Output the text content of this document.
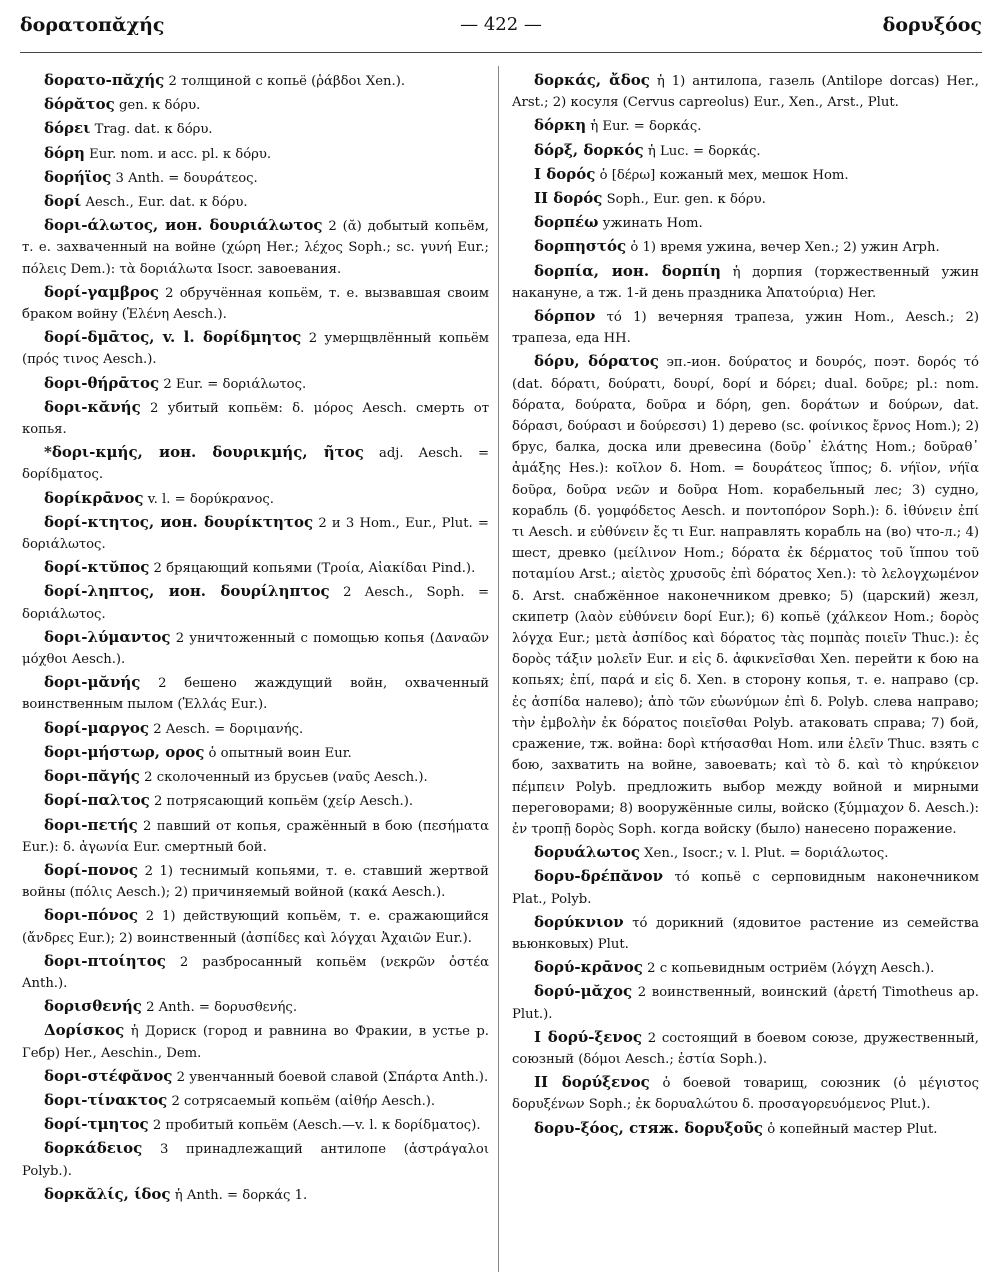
δορατοπᾰχής	— 422 —	δορυξόος

δορατο-πᾰχής 2 толщиной с копьё (ῥάβδοι Xen.).

δόρᾰτος gen. к δόρυ.

δόρει Trag. dat. к δόρυ.

δόρη Eur. nom. и acc. pl. к δόρυ.

δορήϊος 3 Anth. = δουράτεος.

δορί Aesch., Eur. dat. к δόρυ.

δορι-άλωτος, ион. δουριάλωτος 2 (ᾰ) добытый копьём, т. е. захваченный на войне (χώρη Her.; λέχος Soph.; sc. γυνή Eur.; πόλεις Dem.): τὰ δοριάλωτα Isocr. завоевания.

δορί-γαμβρος 2 обручённая копьём, т. е. вызвавшая своим браком войну (Ἑλένη Aesch.).

δορί-δμᾱτος, v. l. δορίδμητος 2 умерщвлённый копьём (πρός τινος Aesch.).

δορι-θήρᾱτος 2 Eur. = δοριάλωτος.

δορι-κᾰνής 2 убитый копьём: δ. μόρος Aesch. смерть от копья.

*δορι-κμής, ион. δουρικμής, ῆτος adj. Aesch. = δορίδματος.

δορίκρᾱνος v. l. = δορύκρανος.

δορί-κτητος, ион. δουρίκτητος 2 и 3 Hom., Eur., Plut. = δοριάλωτος.

δορί-κτῠπος 2 бряцающий копьями (Τροία, Αἰακίδαι Pind.).

δορί-ληπτος, ион. δουρίληπτος 2 Aesch., Soph. = δοριάλωτος.

δορι-λύμαντος 2 уничтоженный с помощью копья (Δαναῶν μόχθοι Aesch.).

δορι-μᾰνής 2 бешено жаждущий войн, охваченный воинственным пылом (Ἑλλάς Eur.).

δορί-μαργος 2 Aesch. = δοριμανής.

δορι-μήστωρ, ορος ὁ опытный воин Eur.

δορι-πᾰγής 2 сколоченный из брусьев (ναῦς Aesch.).

δορί-παλτος 2 потрясающий копьём (χείρ Aesch.).

δορι-πετής 2 павший от копья, сражённый в бою (πεσήματα Eur.): δ. ἀγωνία Eur. смертный бой.

δορί-πονος 2 1) теснимый копьями, т. е. ставший жертвой войны (πόλις Aesch.); 2) причиняемый войной (κακά Aesch.).

δορι-πόνος 2 1) действующий копьём, т. е. сражающийся (ἄνδρες Eur.); 2) воинственный (ἀσπίδες καὶ λόγχαι Ἀχαιῶν Eur.).

δορι-πτοίητος 2 разбросанный копьём (νεκρῶν ὀστέα Anth.).

δορισθενής 2 Anth. = δορυσθενής.

Δορίσκος ἡ Дориск (город и равнина во Фракии, в устье р. Гебр) Her., Aeschin., Dem.

δορι-στέφᾰνος 2 увенчанный боевой славой (Σπάρτα Anth.).

δορι-τίνακτος 2 сотрясаемый копьём (αἰθήρ Aesch.).

δορί-τμητος 2 пробитый копьём (Aesch.—v. l. к δορίδματος).

δορκάδειος 3 принадлежащий антилопе (ἀστράγαλοι Polyb.).

δορκᾰλίς, ίδος ἡ Anth. = δορκάς 1.

δορκάς, ἄδος ἡ 1) антилопа, газель (Antilope dorcas) Her., Arst.; 2) косуля (Cervus capreolus) Eur., Xen., Arst., Plut.

δόρκη ἡ Eur. = δορκάς.

δόρξ, δορκός ἡ Luc. = δορκάς.

I δορός ὁ [δέρω] кожаный мех, мешок Hom.

II δορός Soph., Eur. gen. к δόρυ.

δορπέω ужинать Hom.

δορπηστός ὁ 1) время ужина, вечер Xen.; 2) ужин Arph.

δορπία, ион. δορπίη ἡ дорпия (торжественный ужин накануне, а тж. 1-й день праздника Ἀπατούρια) Her.

δόρπον τό 1) вечерняя трапеза, ужин Hom., Aesch.; 2) трапеза, еда НН.

δόρυ, δόρατος эп.-ион. δούρατος и δουρός, поэт. δορός τό (dat. δόρατι, δούρατι, δουρί, δορί и δόρει; dual. δοῦρε; pl.: nom. δόρατα, δούρατα, δοῦρα и δόρη, gen. δοράτων и δούρων, dat. δόρασι, δούρασι и δούρεσσι) 1) дерево (sc. φοίνικος ἔρνος Hom.); 2) брус, балка, доска или древесина (δοῦρ᾽ ἐλάτης Hom.; δοῦραθ᾽ ἁμάξης Hes.): κοῖλον δ. Hom. = δουράτεος ἵππος; δ. νήϊον, νήϊα δοῦρα, δοῦρα νεῶν и δοῦρα Hom. корабельный лес; 3) судно, корабль (δ. γομφόδετος Aesch. и ποντοπόρον Soph.): δ. ἰθύνειν ἐπί τι Aesch. и εὐθύνειν ἔς τι Eur. направлять корабль на (во) что-л.; 4) шест, древко (μείλινον Hom.; δόρατα ἐκ δέρματος τοῦ ἵππου τοῦ ποταμίου Arst.; αἰετὸς χρυσοῦς ἐπὶ δόρατος Xen.): τὸ λελογχωμένον δ. Arst. снабжённое наконечником древко; 5) (царский) жезл, скипетр (λαὸν εὐθύνειν δορί Eur.); 6) копьё (χάλκεον Hom.; δορὸς λόγχα Eur.; μετὰ ἀσπίδος καὶ δόρατος τὰς πομπὰς ποιεῖν Thuc.): ἐς δορὸς τάξιν μολεῖν Eur. и εἰς δ. ἀφικνεῖσθαι Xen. перейти к бою на копьях; ἐπί, παρά и εἰς δ. Xen. в сторону копья, т. е. направо (ср. ἐς ἀσπίδα налево); ἀπὸ τῶν εὐωνύμων ἐπὶ δ. Polyb. слева направо; τὴν ἐμβολὴν ἐκ δόρατος ποιεῖσθαι Polyb. атаковать справа; 7) бой, сражение, тж. война: δορὶ κτήσασθαι Hom. или ἑλεῖν Thuc. взять с бою, захватить на войне, завоевать; καὶ τὸ δ. καὶ τὸ κηρύκειον πέμπειν Polyb. предложить выбор между войной и мирными переговорами; 8) вооружённые силы, войско (ξύμμαχον δ. Aesch.): ἐν τροπῇ δορὸς Soph. когда войску (было) нанесено поражение.

δορυάλωτος Xen., Isocr.; v. l. Plut. = δοριάλωτος.

δορυ-δρέπᾰνον τό копьё с серповидным наконечником Plat., Polyb.

δορύκνιον τό дорикний (ядовитое растение из семейства вьюнковых) Plut.

δορύ-κρᾱνος 2 с копьевидным остриём (λόγχη Aesch.).

δορύ-μᾰχος 2 воинственный, воинский (ἀρετή Timotheus ap. Plut.).

I δορύ-ξενος 2 состоящий в боевом союзе, дружественный, союзный (δόμοι Aesch.; ἑστία Soph.).

II δορύξενος ὁ боевой товарищ, союзник (ὁ μέγιστος δορυξένων Soph.; ἐκ δορυαλώτου δ. προσαγορευόμενος Plut.).

δορυ-ξόος, стяж. δορυξοῦς ὁ копейный мастер Plut.
